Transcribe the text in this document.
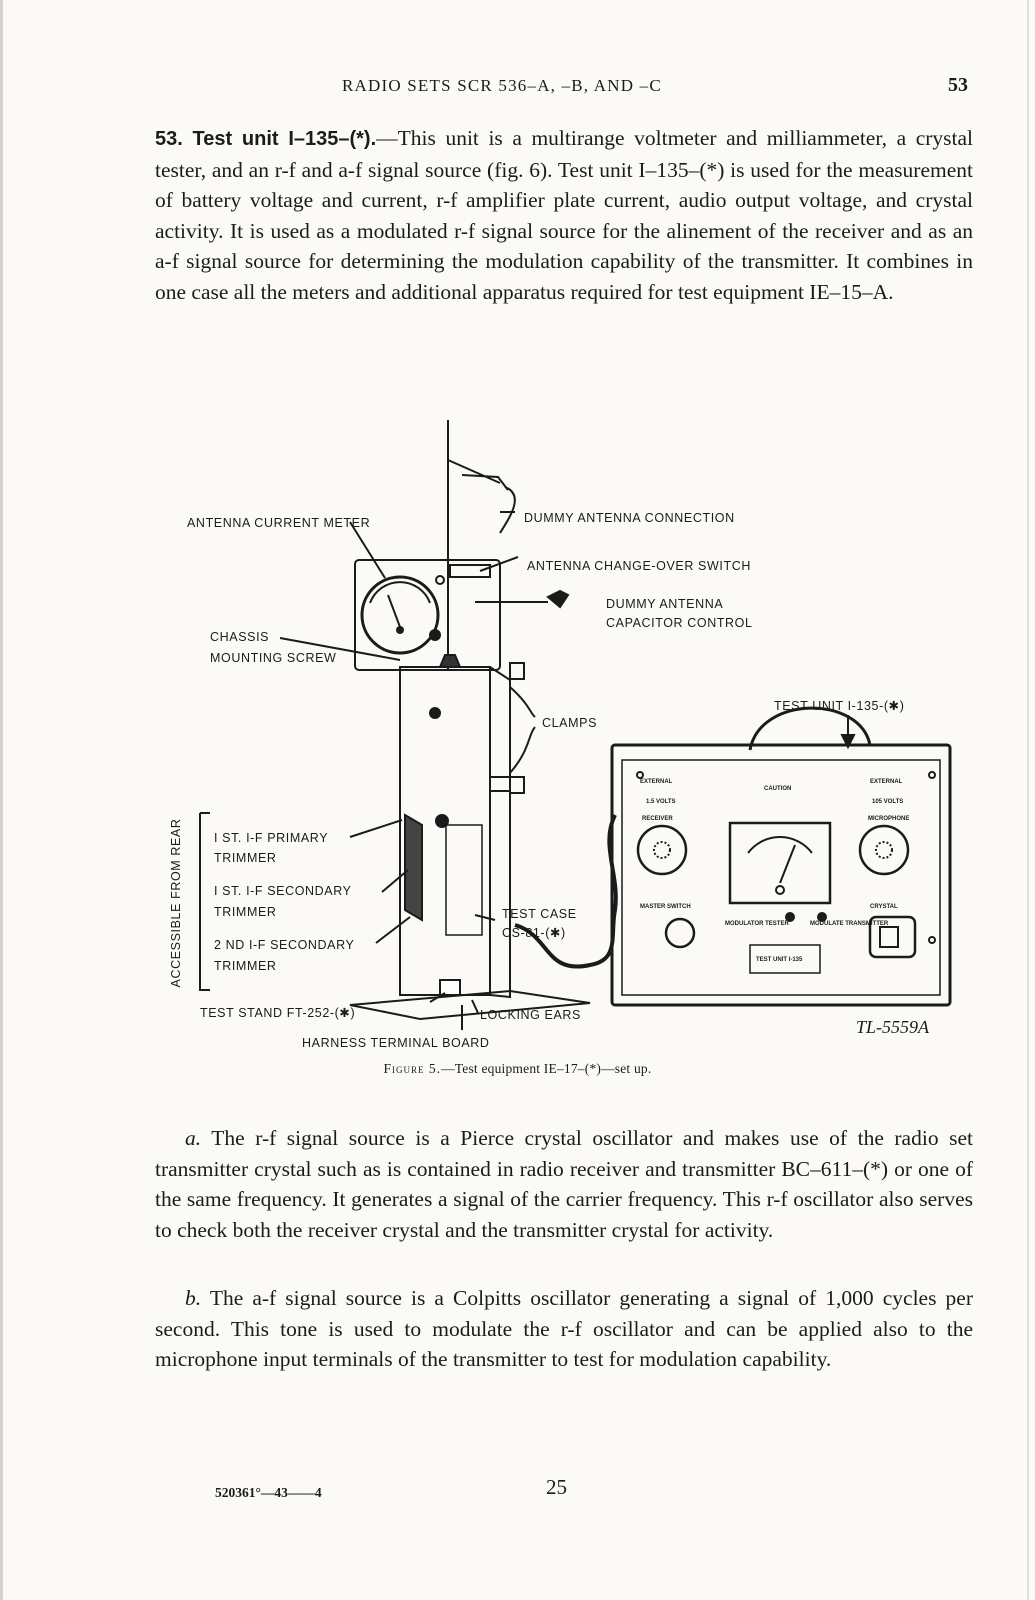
RADIO SETS SCR 536–A, –B, AND –C	53

53. Test unit I–135–(*).—This unit is a multirange voltmeter and milliammeter, a crystal tester, and an r-f and a-f signal source (fig. 6). Test unit I–135–(*) is used for the measurement of battery voltage and current, r-f amplifier plate current, audio output voltage, and crystal activity. It is used as a modulated r-f signal source for the alinement of the receiver and as an a-f signal source for determining the modulation capability of the transmitter. It combines in one case all the meters and additional apparatus required for test equipment IE–15–A.

ANTENNA CURRENT METER	DUMMY ANTENNA CONNECTION
ANTENNA CHANGE-OVER SWITCH
DUMMY ANTENNA
CAPACITOR CONTROL
CHASSIS
MOUNTING SCREW
CLAMPS
TEST UNIT I-135-(✱)
ACCESSIBLE FROM REAR I ST. I-F PRIMARY
TRIMMER
I ST. I-F SECONDARY
TRIMMER
2 ND I-F SECONDARY
TRIMMER
TEST CASE
CS-81-(✱)
TEST STAND FT-252-(✱)	LOCKING EARS
HARNESS TERMINAL BOARD
TL-5559A
EXTERNAL
1.5 VOLTS
RECEIVER
CAUTION
EXTERNAL
105 VOLTS
MICROPHONE
MASTER SWITCH	CRYSTAL
MODULATOR TESTER	MODULATE TRANSMITTER
TEST UNIT I-135
Figure 5.—Test equipment IE–17–(*)—set up.

a. The r-f signal source is a Pierce crystal oscillator and makes use of the radio set transmitter crystal such as is contained in radio receiver and transmitter BC–611–(*) or one of the same frequency. It generates a signal of the carrier frequency. This r-f oscillator also serves to check both the receiver crystal and the transmitter crystal for activity.

b. The a-f signal source is a Colpitts oscillator generating a signal of 1,000 cycles per second. This tone is used to modulate the r-f oscillator and can be applied also to the microphone input terminals of the transmitter to test for modulation capability.

520361°—43——4	25
